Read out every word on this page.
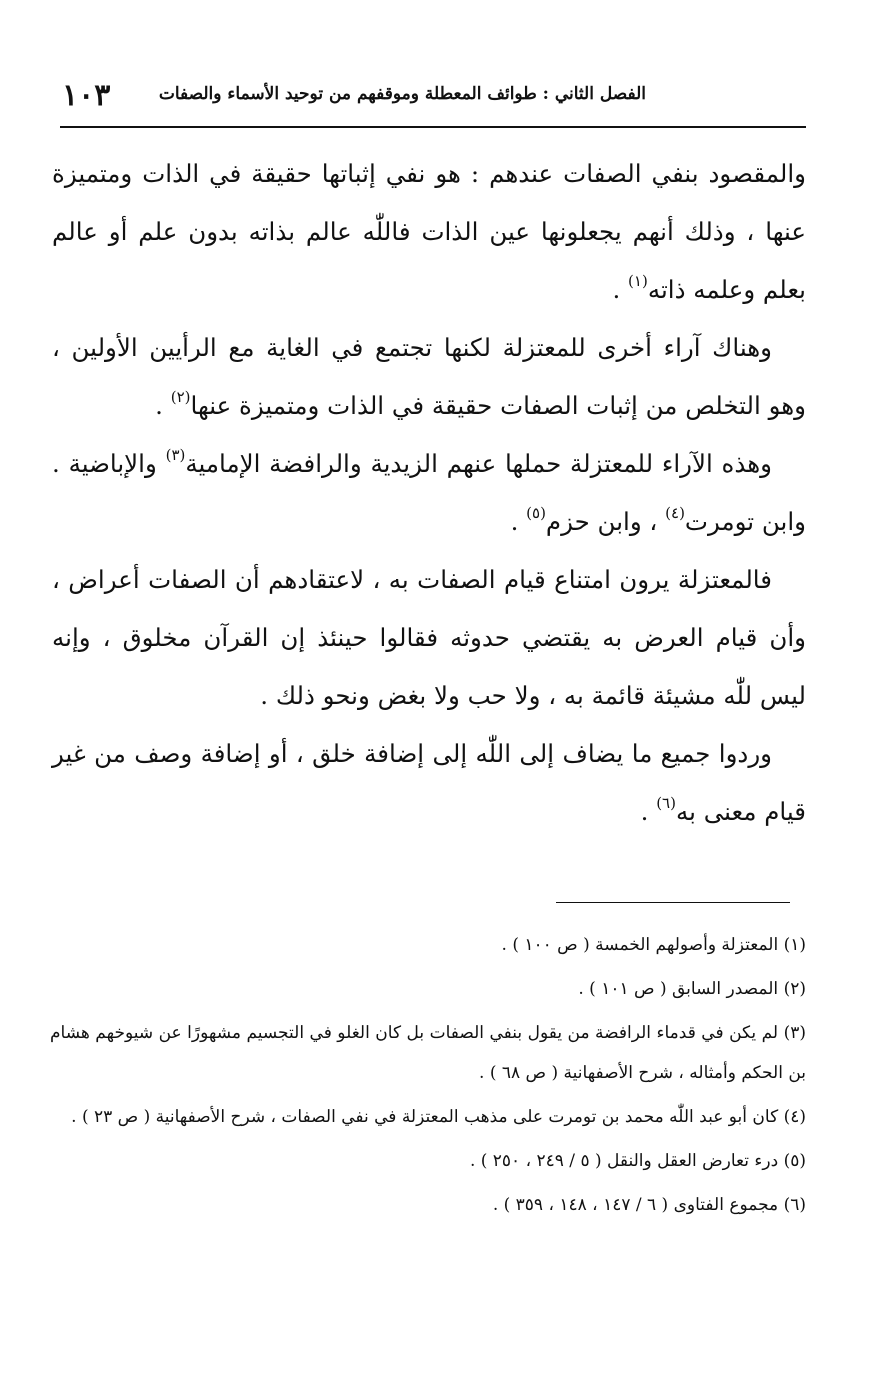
الفصل الثاني : طوائف المعطلة وموقفهم من توحيد الأسماء والصفات
١٠٣

والمقصود بنفي الصفات عندهم : هو نفي إثباتها حقيقة في الذات ومتميزة عنها ، وذلك أنهم يجعلونها عين الذات فاللّٰه عالم بذاته بدون علم أو عالم بعلم وعلمه ذاته$^{(١)}$ .

وهناك آراء أخرى للمعتزلة لكنها تجتمع في الغاية مع الرأيين الأولين ، وهو التخلص من إثبات الصفات حقيقة في الذات ومتميزة عنها$^{(٢)}$ .

وهذه الآراء للمعتزلة حملها عنهم الزيدية والرافضة الإمامية$^{(٣)}$ والإباضية . وابن تومرت$^{(٤)}$ ، وابن حزم$^{(٥)}$ .

فالمعتزلة يرون امتناع قيام الصفات به ، لاعتقادهم أن الصفات أعراض ، وأن قيام العرض به يقتضي حدوثه فقالوا حينئذ إن القرآن مخلوق ، وإنه ليس للّٰه مشيئة قائمة به ، ولا حب ولا بغض ونحو ذلك .

وردوا جميع ما يضاف إلى اللّٰه إلى إضافة خلق ، أو إضافة وصف من غير قيام معنى به$^{(٦)}$ .

(١) المعتزلة وأصولهم الخمسة ( ص ١٠٠ ) .

(٢) المصدر السابق ( ص ١٠١ ) .

(٣) لم يكن في قدماء الرافضة من يقول بنفي الصفات بل كان الغلو في التجسيم مشهورًا عن شيوخهم هشام بن الحكم وأمثاله ، شرح الأصفهانية ( ص ٦٨ ) .

(٤) كان أبو عبد اللّٰه محمد بن تومرت على مذهب المعتزلة في نفي الصفات ، شرح الأصفهانية ( ص ٢٣ ) .

(٥) درء تعارض العقل والنقل ( ٥ / ٢٤٩ ، ٢٥٠ ) .

(٦) مجموع الفتاوى ( ٦ / ١٤٧ ، ١٤٨ ، ٣٥٩ ) .
